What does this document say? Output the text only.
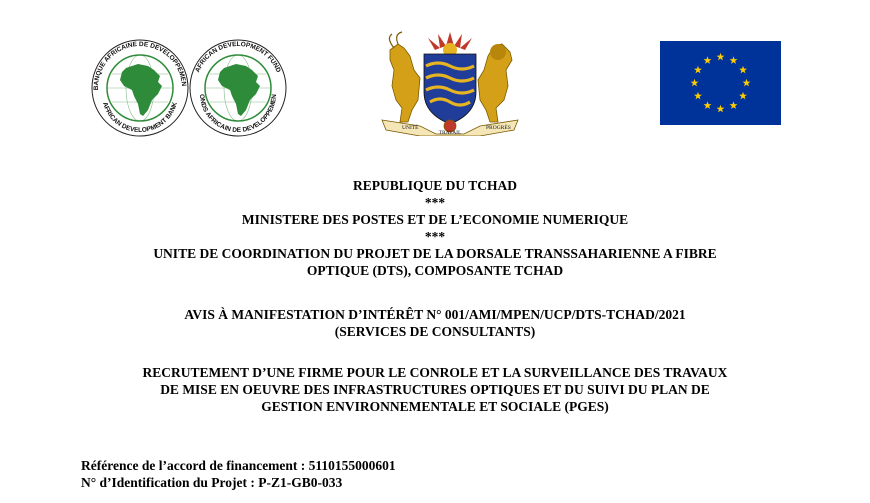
BANQUE AFRICAINE DE DEVELOPPEMEN
AFRICAN DEVELOPMENT BANK
AFRICAN DEVELOPMENT FUND
ONDS AFRICAIN DE DEVELOPPEMEN
UNITÉ
TRAVAIL
PROGRÈS
REPUBLIQUE DU TCHAD
***
MINISTERE DES POSTES ET DE L’ECONOMIE NUMERIQUE
***
UNITE DE COORDINATION DU PROJET DE LA DORSALE TRANSSAHARIENNE A FIBRE
OPTIQUE (DTS), COMPOSANTE TCHAD
AVIS À MANIFESTATION D’INTÉRÊT N° 001/AMI/MPEN/UCP/DTS-TCHAD/2021
(SERVICES DE CONSULTANTS)
RECRUTEMENT D’UNE FIRME POUR LE CONROLE ET LA SURVEILLANCE DES TRAVAUX
DE MISE EN OEUVRE DES INFRASTRUCTURES OPTIQUES ET DU SUIVI DU PLAN DE
GESTION ENVIRONNEMENTALE ET SOCIALE (PGES)
Référence de l’accord de financement : 5110155000601
N° d’Identification du Projet : P-Z1-GB0-033
